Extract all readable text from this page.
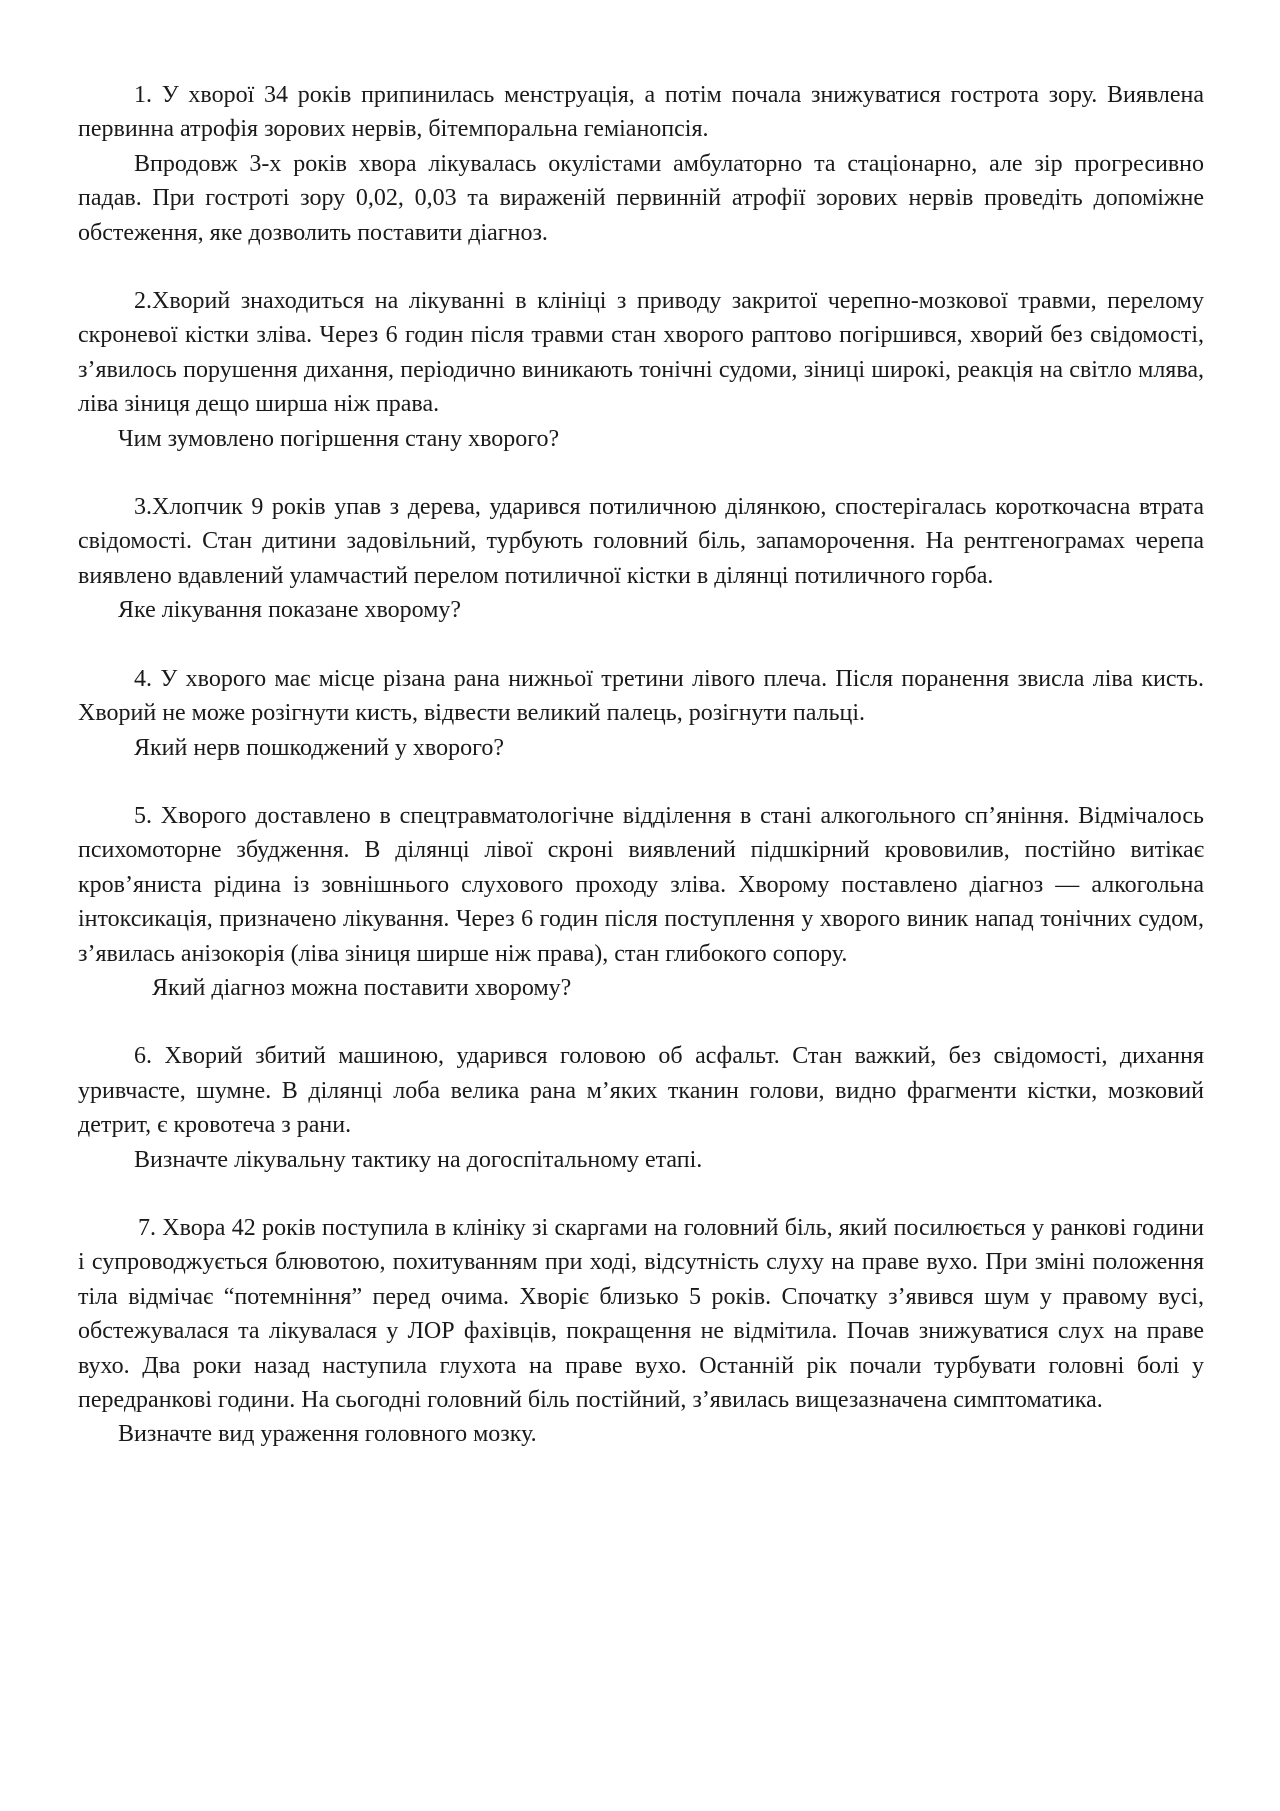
1. У хворої 34 років припинилась менструація, а потім почала знижуватися гострота зору. Виявлена первинна атрофія зорових нервів, бітемпоральна геміанопсія.

Впродовж 3-х років хвора лікувалась окулістами амбулаторно та стаціонарно, але зір прогресивно падав. При гостроті зору 0,02, 0,03 та вираженій первинній атрофії зорових нервів проведіть допоміжне обстеження, яке дозволить поставити діагноз.

2.Хворий знаходиться на лікуванні в клініці з приводу закритої черепно-мозкової травми, перелому скроневої кістки зліва. Через 6 годин після травми стан хворого раптово погіршився, хворий без свідомості, з’явилось порушення дихання, періодично виникають тонічні судоми, зіниці широкі, реакція на світло млява, ліва зіниця дещо ширша ніж права.

Чим зумовлено погіршення стану хворого?

3.Хлопчик 9 років упав з дерева, ударився потиличною ділянкою, спостерігалась короткочасна втрата свідомості. Стан дитини задовільний, турбують головний біль, запаморочення. На рентгенограмах черепа виявлено вдавлений уламчастий перелом потиличної кістки в ділянці потиличного горба.

Яке лікування показане хворому?

4. У хворого має місце різана рана нижньої третини лівого плеча. Після поранення звисла ліва кисть. Хворий не може розігнути кисть, відвести великий палець, розігнути пальці.

Який нерв пошкоджений у хворого?

5. Хворого доставлено в спецтравматологічне відділення в стані алкогольного сп’яніння. Відмічалось психомоторне збудження. В ділянці лівої скроні виявлений підшкірний крововилив, постійно витікає кров’яниста рідина із зовнішнього слухового проходу зліва. Хворому поставлено діагноз — алкогольна інтоксикація, призначено лікування. Через 6 годин після поступлення у хворого виник напад тонічних судом, з’явилась анізокорія (ліва зіниця ширше ніж права), стан глибокого сопору.

Який діагноз можна поставити хворому?

6. Хворий збитий машиною, ударився головою об асфальт. Стан важкий, без свідомості, дихання уривчасте, шумне. В ділянці лоба велика рана м’яких тканин голови, видно фрагменти кістки, мозковий детрит, є кровотеча з рани.

Визначте лікувальну тактику на догоспітальному етапі.

7. Хвора 42 років поступила в клініку зі скаргами на головний біль, який посилюється у ранкові години і супроводжується блювотою, похитуванням при ході, відсутність слуху на праве вухо. При зміні положення тіла відмічає “потемніння” перед очима. Хворіє близько 5 років. Спочатку з’явився шум у правому вусі, обстежувалася та лікувалася у ЛОР фахівців, покращення не відмітила. Почав знижуватися слух на праве вухо. Два роки назад наступила глухота на праве вухо. Останній рік почали турбувати головні болі у передранкові години. На сьогодні головний біль постійний, з’явилась вищезазначена симптоматика.

Визначте вид ураження головного мозку.
